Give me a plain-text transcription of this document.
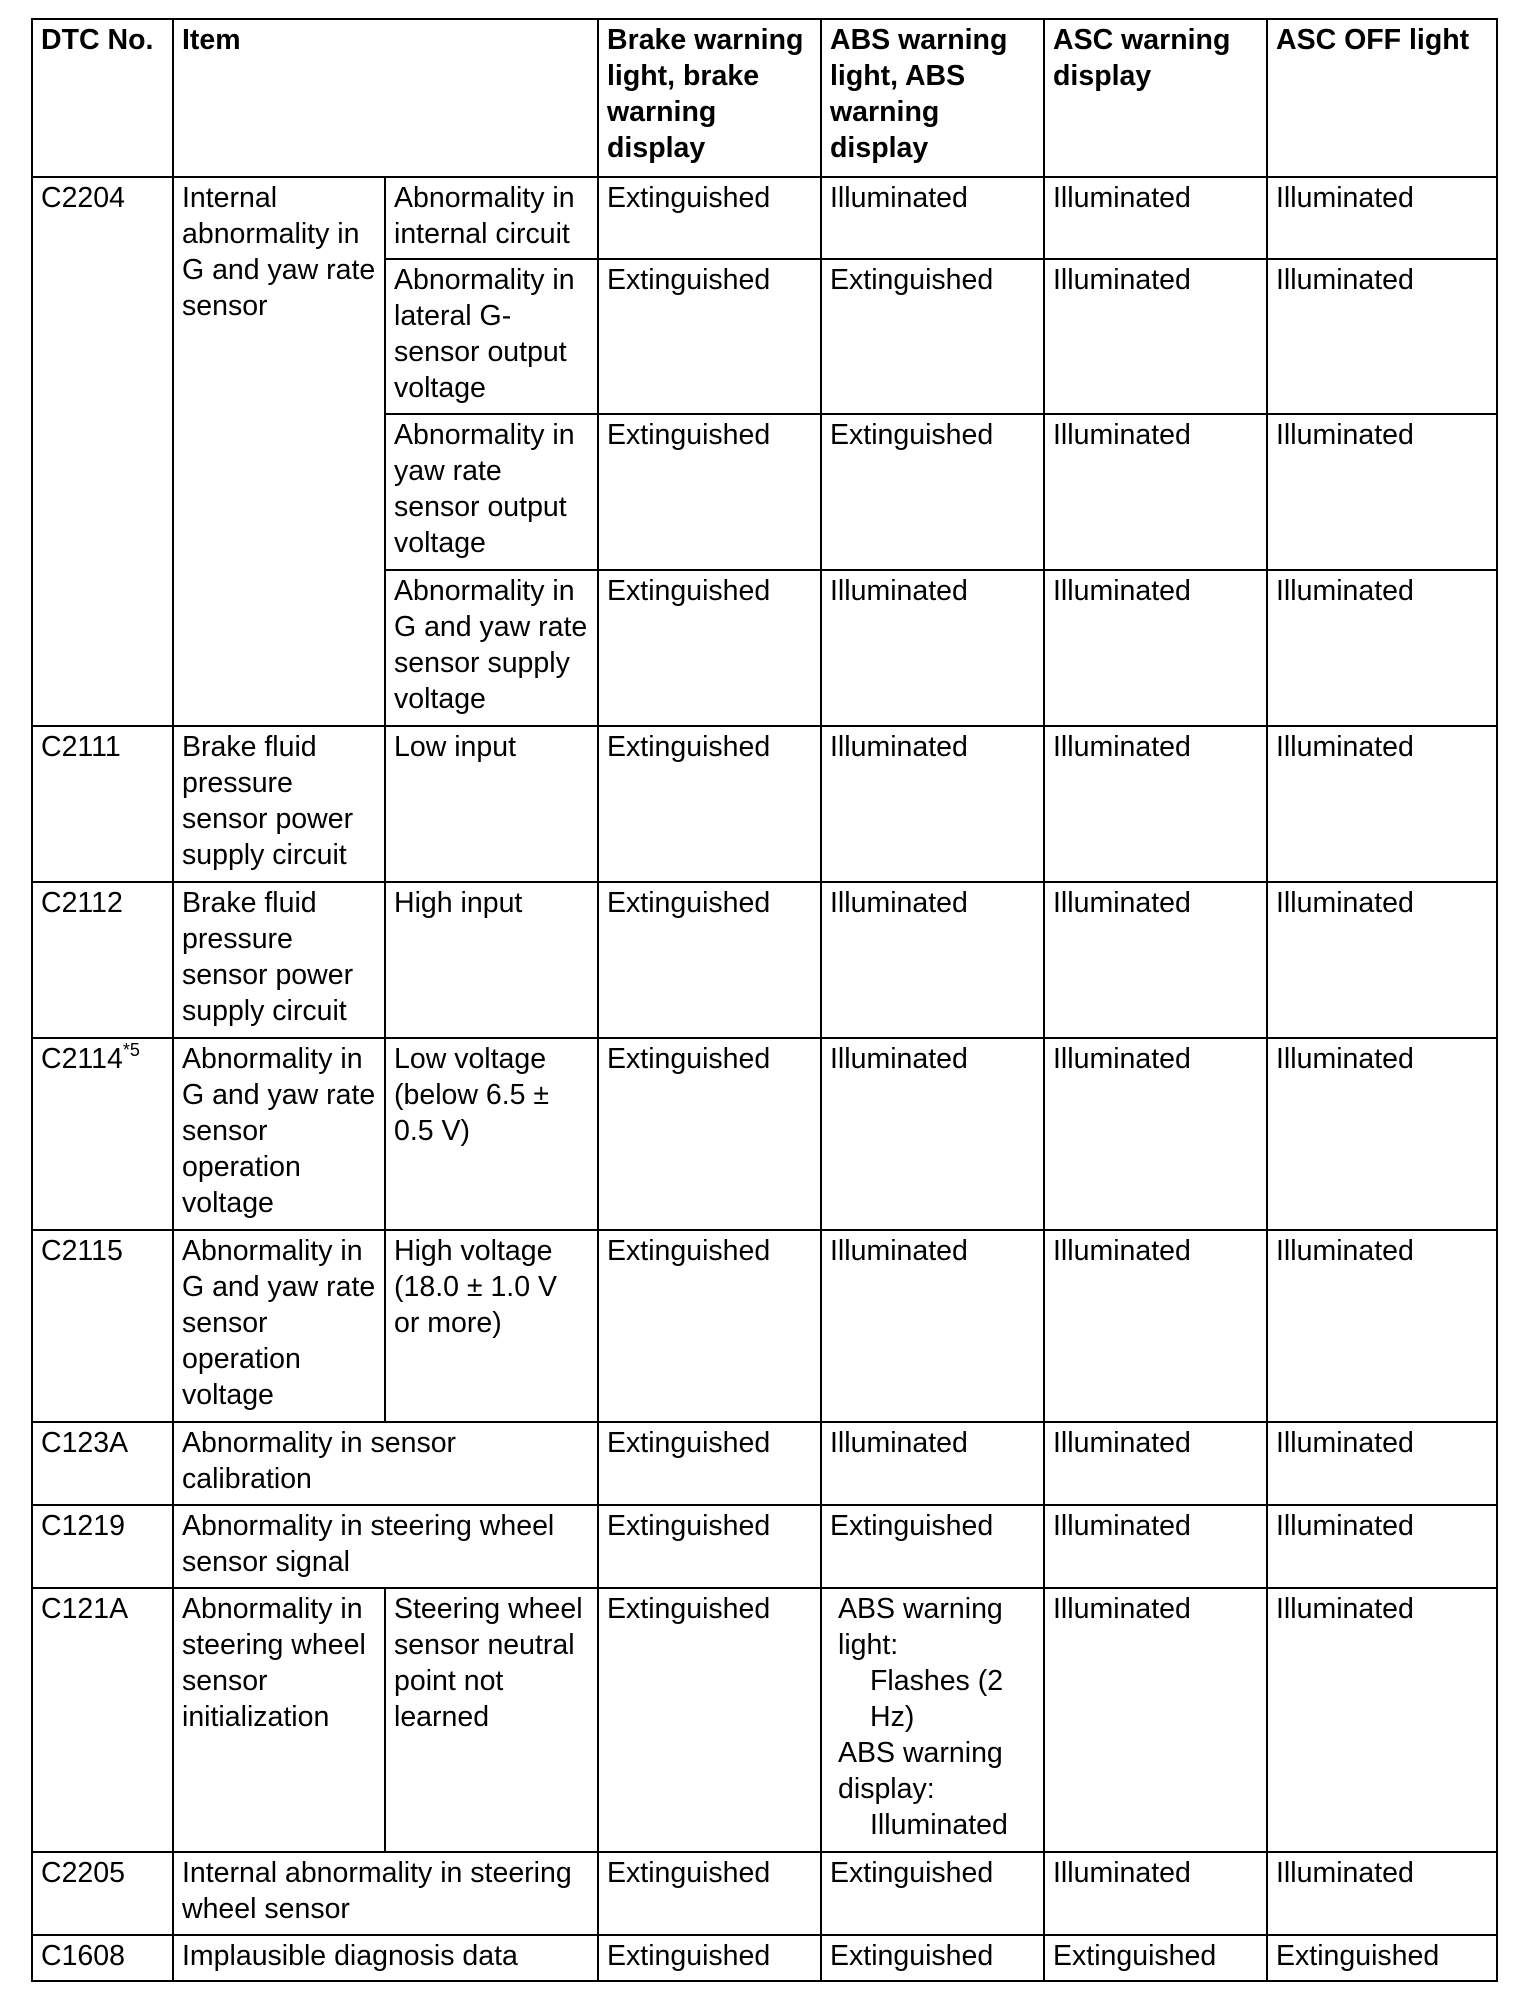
DTC No.	Item		Brake warning light, brake warning display	ABS warning light, ABS warning display	ASC warning display	ASC OFF light
C2204	Internal abnormality in G and yaw rate sensor	Abnormality in internal circuit	Extinguished	Illuminated	Illuminated	Illuminated
		Abnormality in lateral G-sensor output voltage	Extinguished	Extinguished	Illuminated	Illuminated
		Abnormality in yaw rate sensor output voltage	Extinguished	Extinguished	Illuminated	Illuminated
		Abnormality in G and yaw rate sensor supply voltage	Extinguished	Illuminated	Illuminated	Illuminated
C2111	Brake fluid pressure sensor power supply circuit	Low input	Extinguished	Illuminated	Illuminated	Illuminated
C2112	Brake fluid pressure sensor power supply circuit	High input	Extinguished	Illuminated	Illuminated	Illuminated
C2114$^{*5}$	Abnormality in G and yaw rate sensor operation voltage	Low voltage (below 6.5 ± 0.5 V)	Extinguished	Illuminated	Illuminated	Illuminated
C2115	Abnormality in G and yaw rate sensor operation voltage	High voltage (18.0 ± 1.0 V or more)	Extinguished	Illuminated	Illuminated	Illuminated
C123A	Abnormality in sensor calibration		Extinguished	Illuminated	Illuminated	Illuminated
C1219	Abnormality in steering wheel sensor signal		Extinguished	Extinguished	Illuminated	Illuminated
C121A	Abnormality in steering wheel sensor initialization	Steering wheel sensor neutral point not learned	Extinguished	ABS warning light:
Flashes (2 Hz)
ABS warning display:
Illuminated	Illuminated	Illuminated
C2205	Internal abnormality in steering wheel sensor		Extinguished	Extinguished	Illuminated	Illuminated
C1608	Implausible diagnosis data		Extinguished	Extinguished	Extinguished	Extinguished
